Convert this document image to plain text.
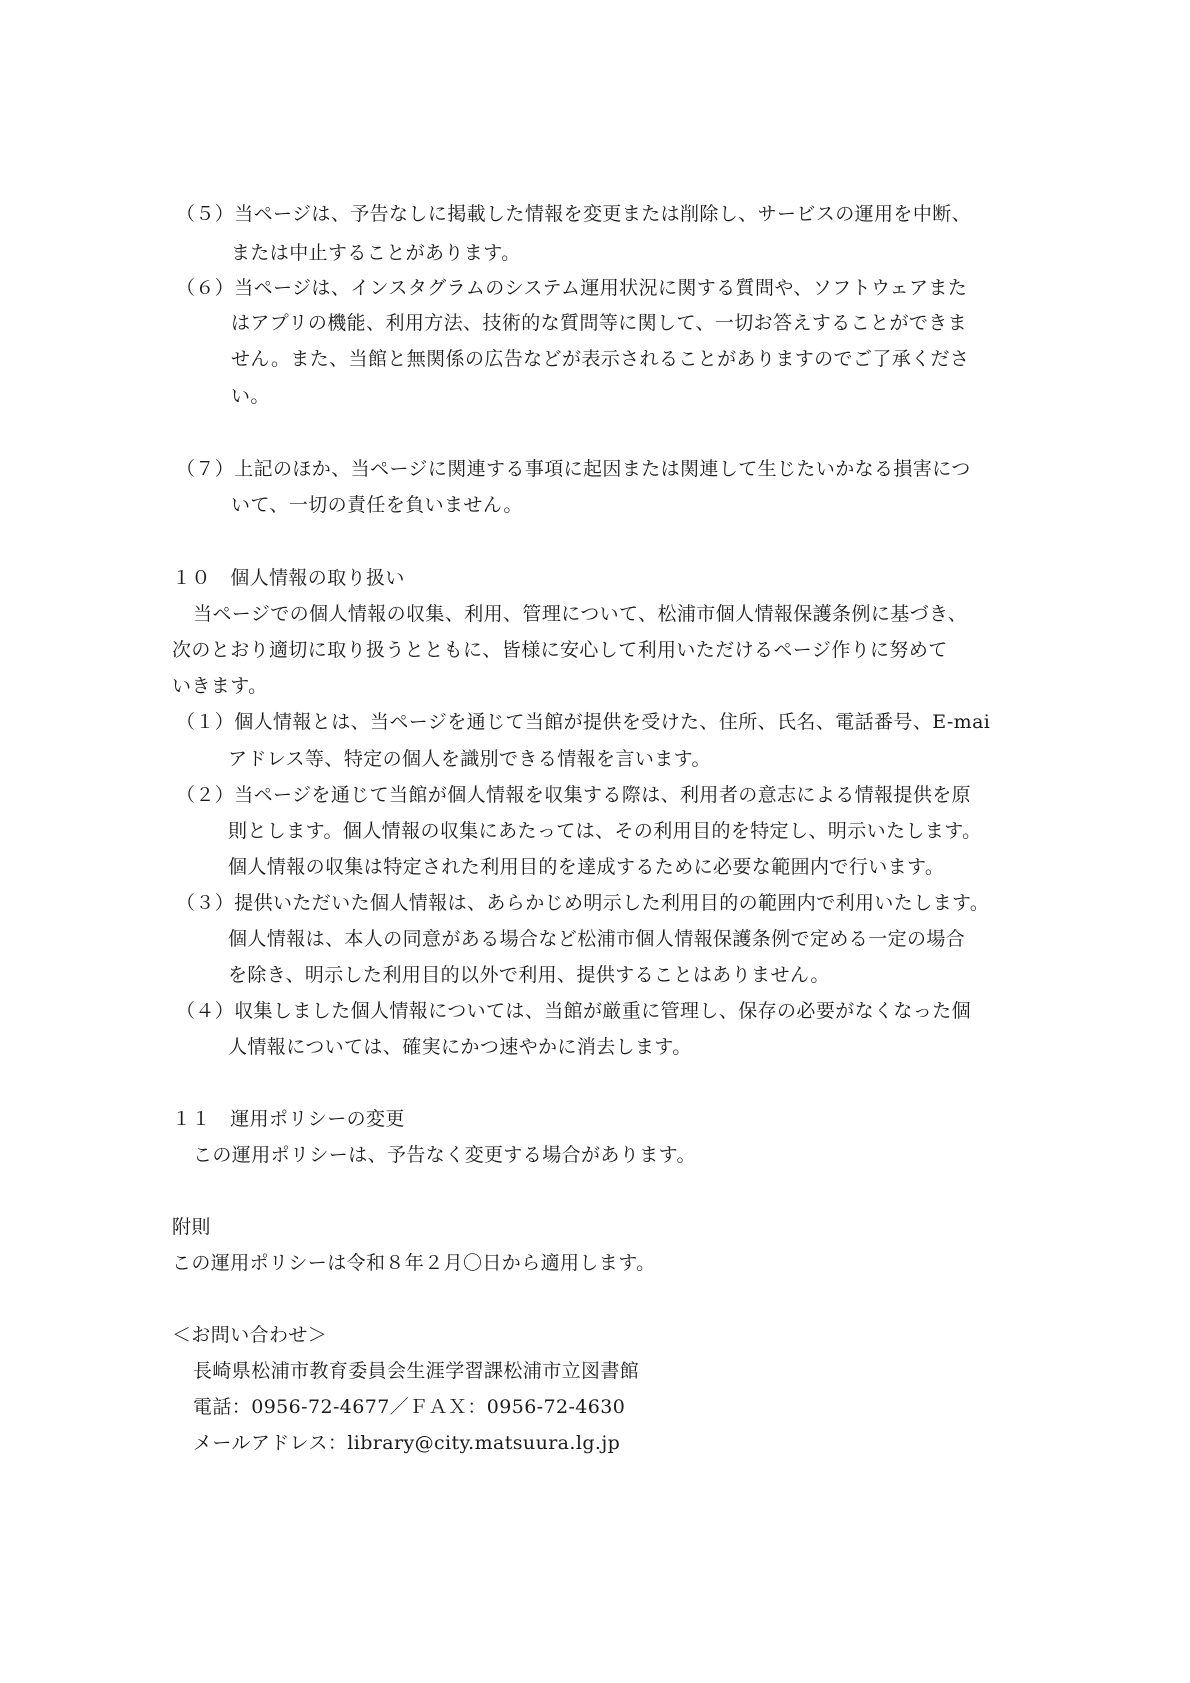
（５）当ページは、予告なしに掲載した情報を変更または削除し、サービスの運用を中断、
または中止することがあります。
（６）当ページは、インスタグラムのシステム運用状況に関する質問や、ソフトウェアまた
はアプリの機能、利用方法、技術的な質問等に関して、一切お答えすることができま
せん。また、当館と無関係の広告などが表示されることがありますのでご了承くださ
い。
（７）上記のほか、当ページに関連する事項に起因または関連して生じたいかなる損害につ
いて、一切の責任を負いません。
１０　個人情報の取り扱い
当ページでの個人情報の収集、利用、管理について、松浦市個人情報保護条例に基づき、
次のとおり適切に取り扱うとともに、皆様に安心して利用いただけるページ作りに努めて
いきます。
（１）個人情報とは、当ページを通じて当館が提供を受けた、住所、氏名、電話番号、E-mai
アドレス等、特定の個人を識別できる情報を言います。
（２）当ページを通じて当館が個人情報を収集する際は、利用者の意志による情報提供を原
則とします。個人情報の収集にあたっては、その利用目的を特定し、明示いたします。
個人情報の収集は特定された利用目的を達成するために必要な範囲内で行います。
（３）提供いただいた個人情報は、あらかじめ明示した利用目的の範囲内で利用いたします。
個人情報は、本人の同意がある場合など松浦市個人情報保護条例で定める一定の場合
を除き、明示した利用目的以外で利用、提供することはありません。
（４）収集しました個人情報については、当館が厳重に管理し、保存の必要がなくなった個
人情報については、確実にかつ速やかに消去します。
１１　運用ポリシーの変更
この運用ポリシーは、予告なく変更する場合があります。
附則
この運用ポリシーは令和８年２月〇日から適用します。
＜お問い合わせ＞
長崎県松浦市教育委員会生涯学習課松浦市立図書館
電話：0956-72-4677／ＦＡＸ：0956-72-4630
メールアドレス：library@city.matsuura.lg.jp
